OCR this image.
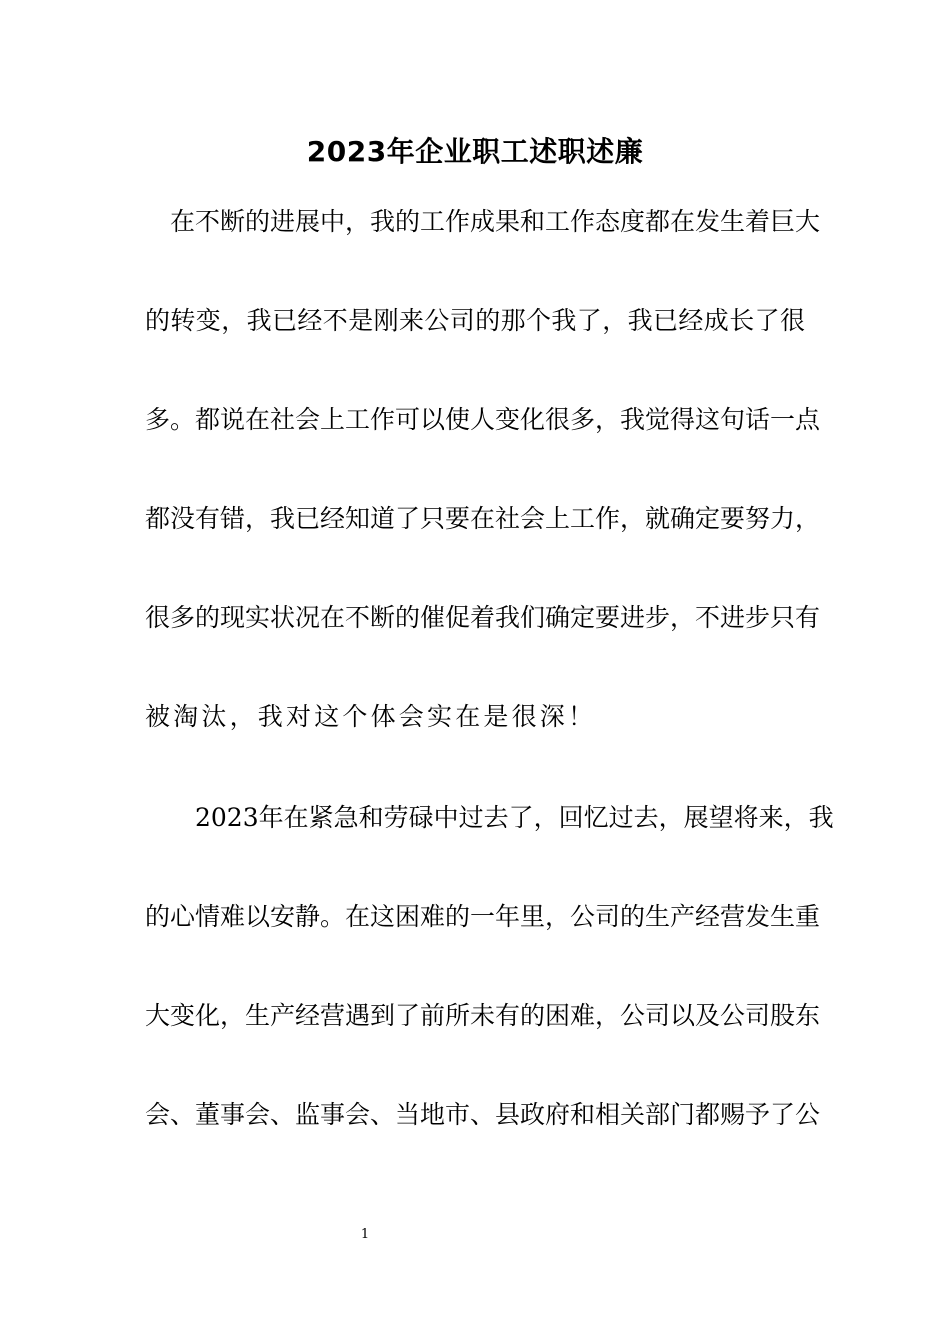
2023年企业职工述职述廉

　在不断的进展中，我的工作成果和工作态度都在发生着巨大

的转变，我已经不是刚来公司的那个我了，我已经成长了很

多。都说在社会上工作可以使人变化很多，我觉得这句话一点

都没有错，我已经知道了只要在社会上工作，就确定要努力，

很多的现实状况在不断的催促着我们确定要进步，不进步只有

被淘汰，我对这个体会实在是很深！

　　2023年在紧急和劳碌中过去了，回忆过去，展望将来，我

的心情难以安静。在这困难的一年里，公司的生产经营发生重

大变化，生产经营遇到了前所未有的困难，公司以及公司股东

会、董事会、监事会、当地市、县政府和相关部门都赐予了公

1
